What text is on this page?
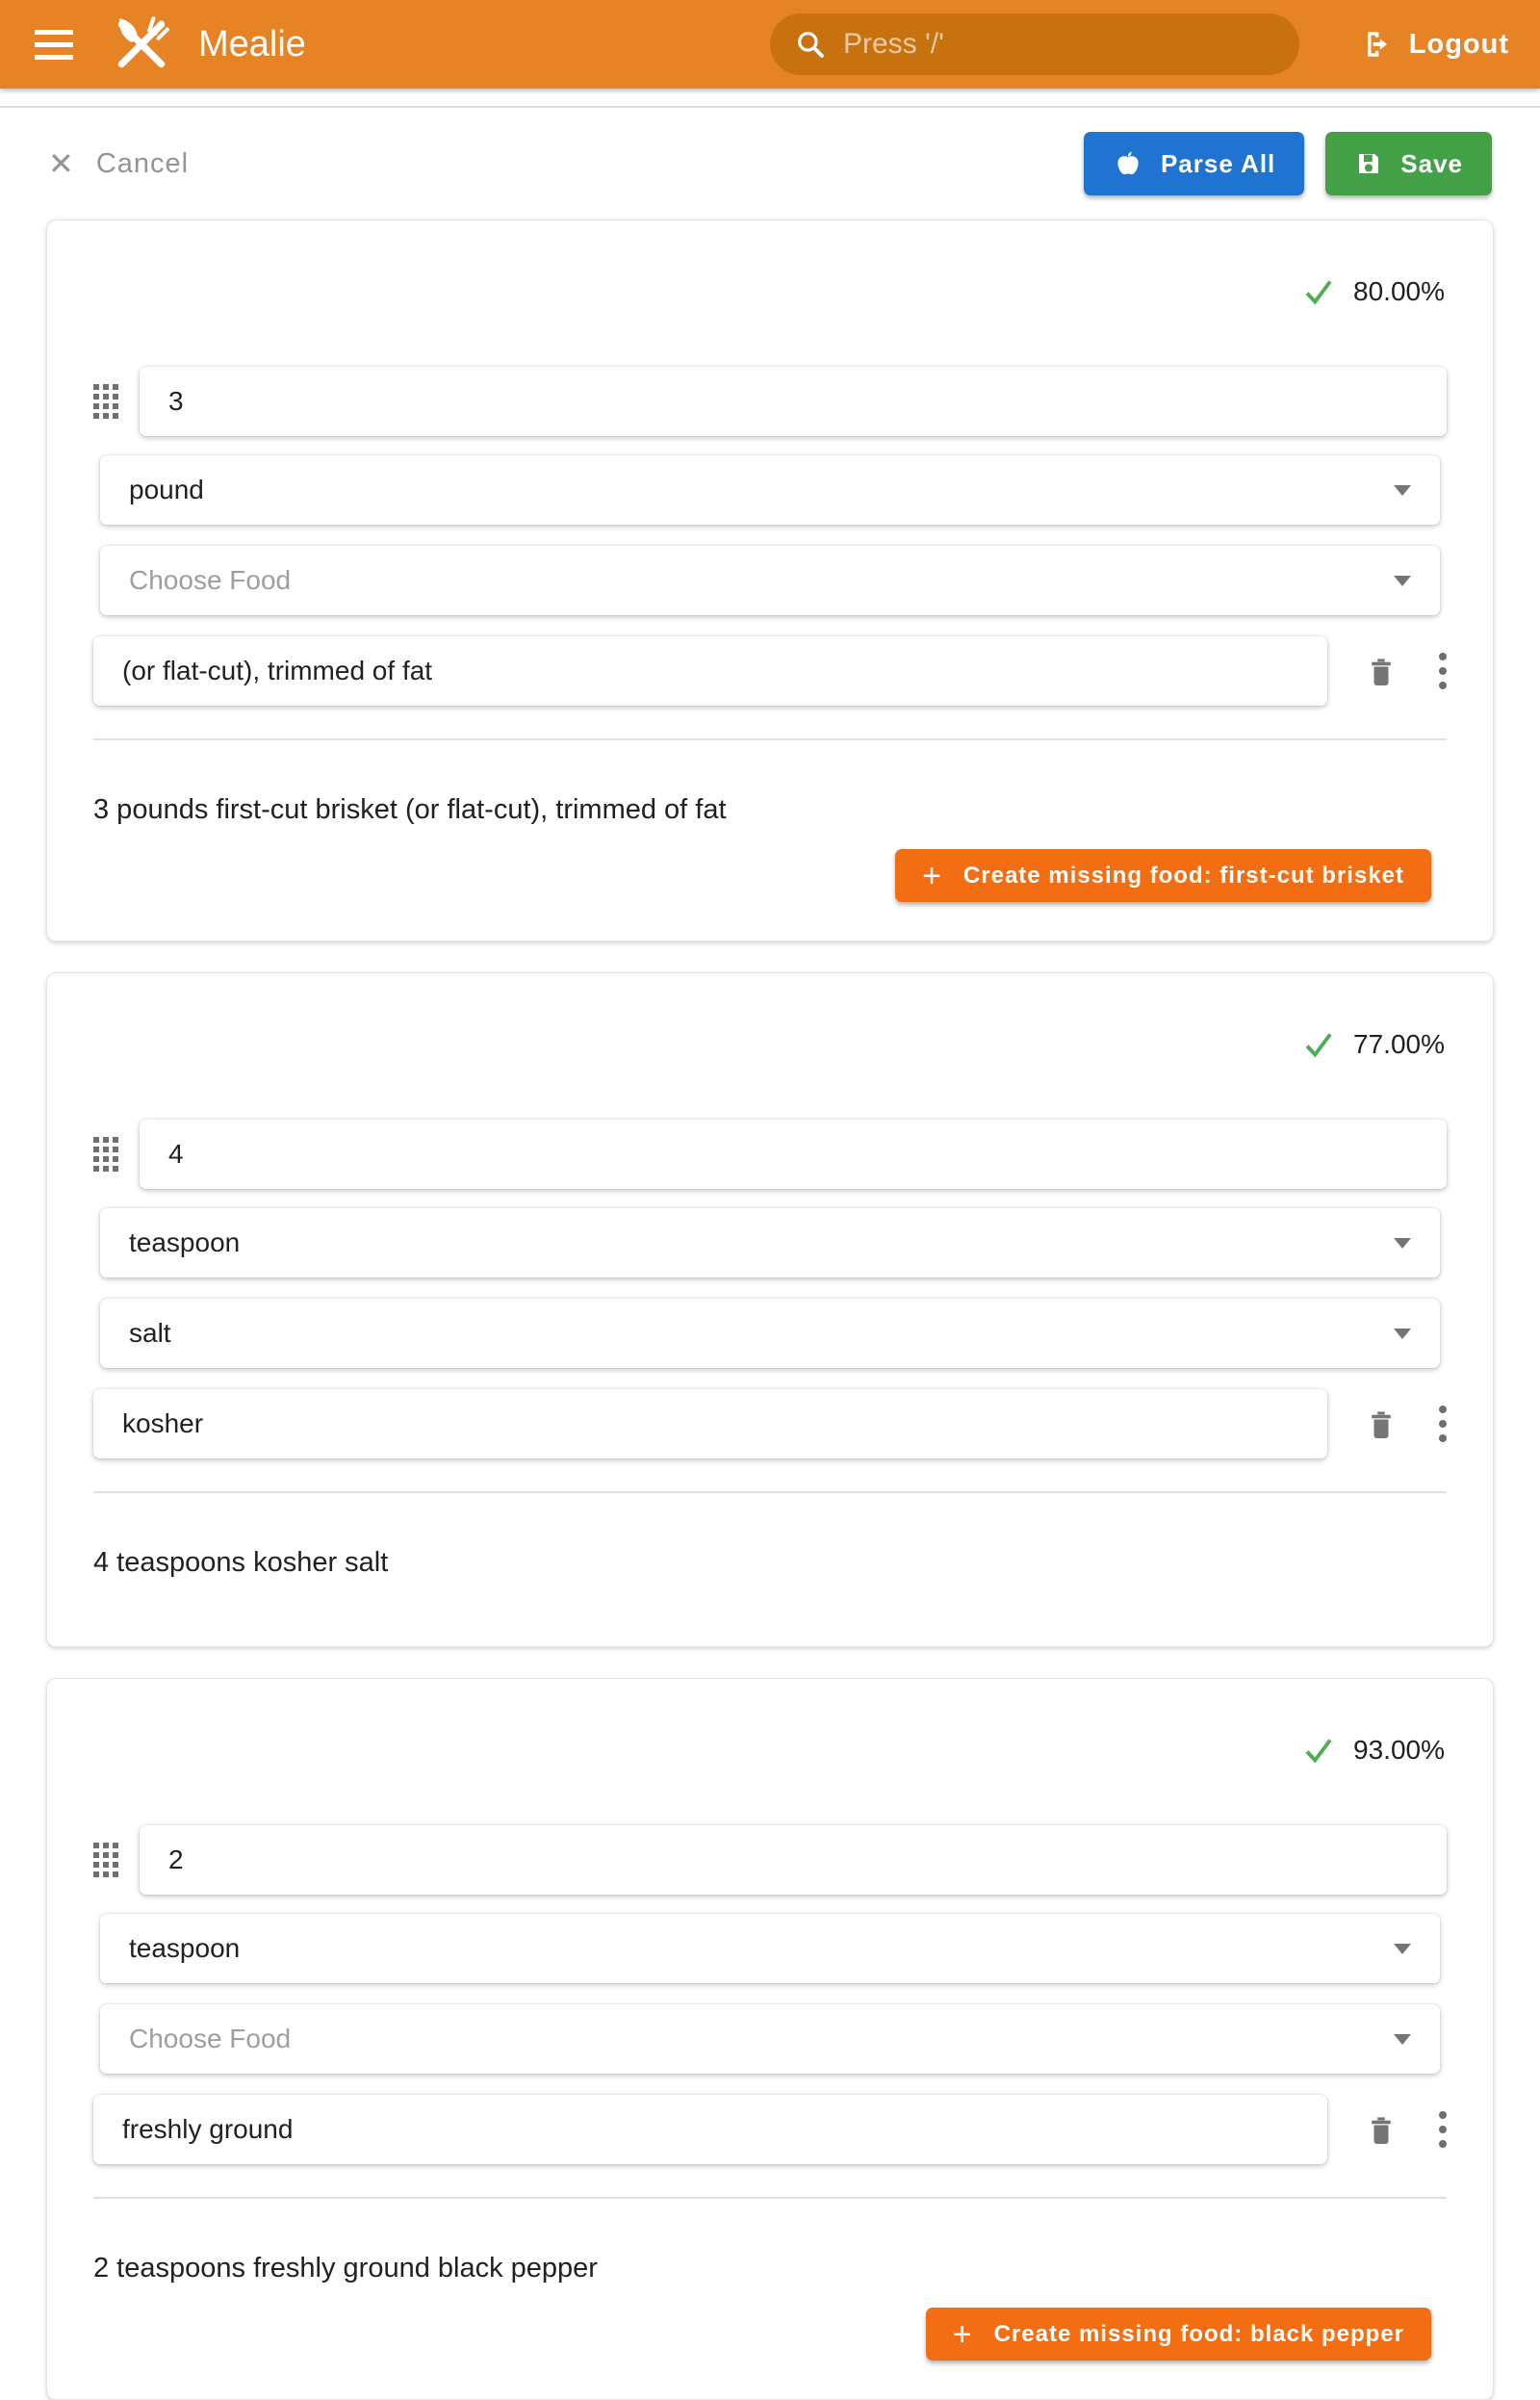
Mealie	Press '/'	Logout
✕ Cancel	Parse All	Save
80.00%
3
pound
Choose Food
(or flat-cut), trimmed of fat
3 pounds first-cut brisket (or flat-cut), trimmed of fat
+ Create missing food: first-cut brisket
77.00%
4
teaspoon
salt
kosher
4 teaspoons kosher salt
93.00%
2
teaspoon
Choose Food
freshly ground
2 teaspoons freshly ground black pepper
+ Create missing food: black pepper
